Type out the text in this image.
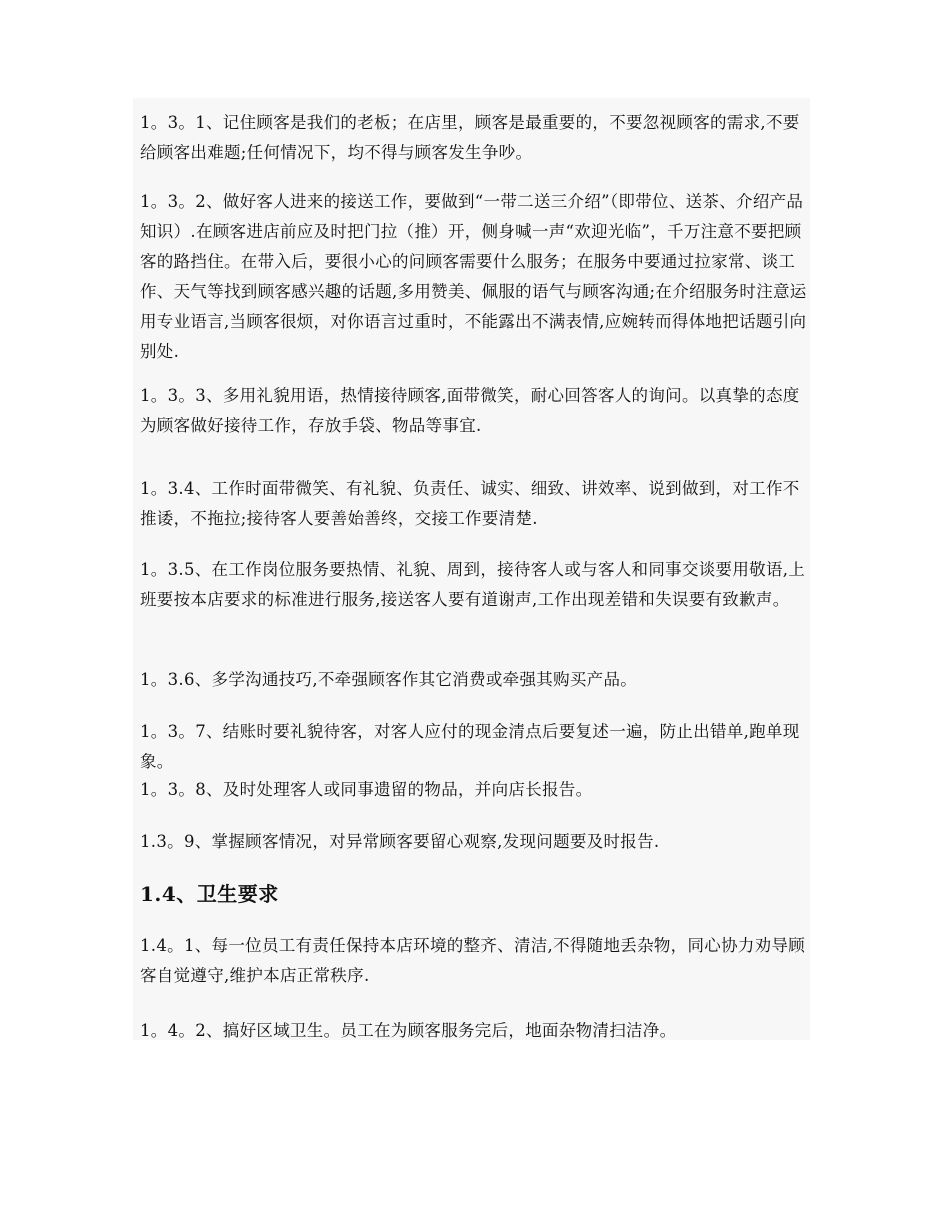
1。3。1、记住顾客是我们的老板；在店里，顾客是最重要的，不要忽视顾客的需求,不要给顾客出难题;任何情况下，均不得与顾客发生争吵。

1。3。2、做好客人进来的接送工作，要做到“一带二送三介绍”（即带位、送茶、介绍产品知识）.在顾客进店前应及时把门拉（推）开，侧身喊一声“欢迎光临”，千万注意不要把顾客的路挡住。在带入后，要很小心的问顾客需要什么服务；在服务中要通过拉家常、谈工作、天气等找到顾客感兴趣的话题,多用赞美、佩服的语气与顾客沟通;在介绍服务时注意运用专业语言,当顾客很烦，对你语言过重时，不能露出不满表情,应婉转而得体地把话题引向别处.

1。3。3、多用礼貌用语，热情接待顾客,面带微笑，耐心回答客人的询问。以真挚的态度为顾客做好接待工作，存放手袋、物品等事宜.

1。3.4、工作时面带微笑、有礼貌、负责任、诚实、细致、讲效率、说到做到，对工作不推诿，不拖拉;接待客人要善始善终，交接工作要清楚.

1。3.5、在工作岗位服务要热情、礼貌、周到，接待客人或与客人和同事交谈要用敬语,上班要按本店要求的标准进行服务,接送客人要有道谢声,工作出现差错和失误要有致歉声。

1。3.6、多学沟通技巧,不牵强顾客作其它消费或牵强其购买产品。

1。3。7、结账时要礼貌待客，对客人应付的现金清点后要复述一遍，防止出错单,跑单现象。

1。3。8、及时处理客人或同事遗留的物品，并向店长报告。

1.3。9、掌握顾客情况，对异常顾客要留心观察,发现问题要及时报告.

1.4、卫生要求

1.4。1、每一位员工有责任保持本店环境的整齐、清洁,不得随地丢杂物，同心协力劝导顾客自觉遵守,维护本店正常秩序.

1。4。2、搞好区域卫生。员工在为顾客服务完后，地面杂物清扫洁净。
